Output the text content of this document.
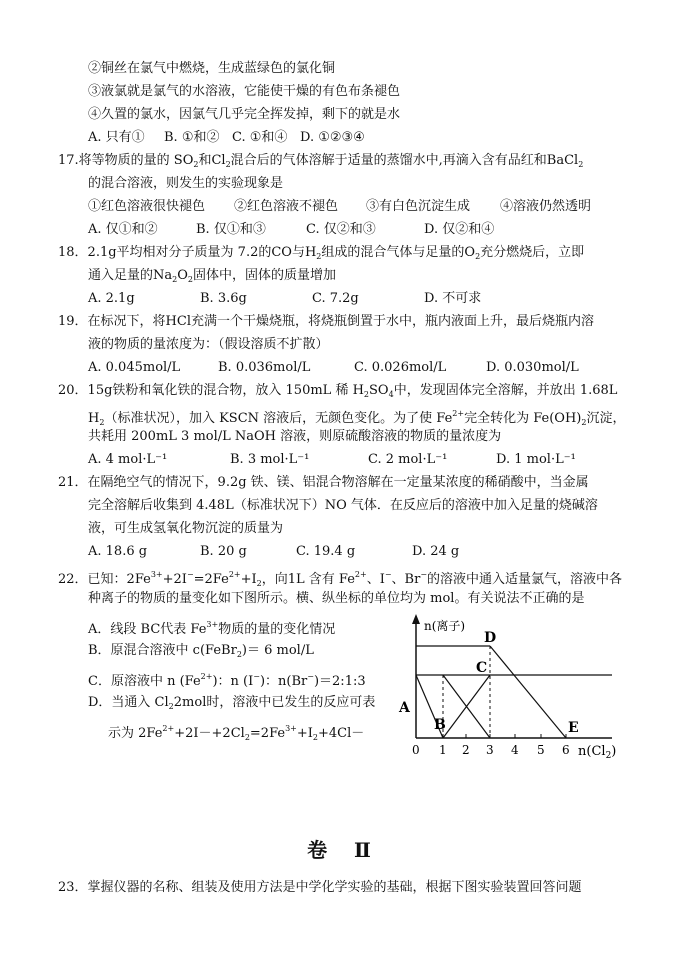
②铜丝在氯气中燃烧，生成蓝绿色的氯化铜
③液氯就是氯气的水溶液，它能使干燥的有色布条褪色
④久置的氯水，因氯气几乎完全挥发掉，剩下的就是水
A. 只有① B. ①和② C. ①和④ D. ①②③④
17.将等物质的量的 $SO_2$和$Cl_2$混合后的气体溶解于适量的蒸馏水中,再滴入含有品红和BaCl$_2$
的混合溶液，则发生的实验现象是
①红色溶液很快褪色 ②红色溶液不褪色 ③有白色沉淀生成 ④溶液仍然透明
A. 仅①和②	B. 仅①和③	C. 仅②和③	D. 仅②和④
18．2.1g平均相对分子质量为 7.2的CO与$H_2$组成的混合气体与足量的$O_2$充分燃烧后，立即
通入足量的$Na_2O_2$固体中，固体的质量增加
A. 2.1g	B. 3.6g	C. 7.2g	D. 不可求
19．在标况下，将HCl充满一个干燥烧瓶，将烧瓶倒置于水中，瓶内液面上升，最后烧瓶内溶
液的物质的量浓度为：（假设溶质不扩散）
A. 0.045mol/L	B. 0.036mol/L	C. 0.026mol/L	D. 0.030mol/L
20．15g铁粉和氧化铁的混合物，放入 150mL 稀 $H_2SO_4$中，发现固体完全溶解，并放出 1.68L
$H_2$（标准状况），加入 KSCN 溶液后，无颜色变化。为了使 $Fe^{2+}$完全转化为 $Fe(OH)_2$沉淀，
共耗用 200mL 3 mol/L NaOH 溶液，则原硫酸溶液的物质的量浓度为
A. 4 mol·L⁻¹	B. 3 mol·L⁻¹	C. 2 mol·L⁻¹	D. 1 mol·L⁻¹
21．在隔绝空气的情况下，9.2g 铁、镁、铝混合物溶解在一定量某浓度的稀硝酸中，当金属
完全溶解后收集到 4.48L（标准状况下）NO 气体．在反应后的溶液中加入足量的烧碱溶
液，可生成氢氧化物沉淀的质量为
A. 18.6 g	B. 20 g	C. 19.4 g	D. 24 g
22．已知：$2Fe^{3+}+2I^-=2Fe^{2+}+I_2$，向1L 含有 $Fe^{2+}$、I−、Br−的溶液中通入适量氯气，溶液中各
种离子的物质的量变化如下图所示。横、纵坐标的单位均为 mol。有关说法不正确的是
A．线段 BC代表 $Fe^{3+}$物质的量的变化情况
B．原混合溶液中 c(FeBr$_2$)＝ 6 mol/L
C．原溶液中 n $(Fe^{2+})$：n (I−)：n(Br−)＝2:1:3
D．当通入 $Cl_22mol$时，溶液中已发生的反应可表
示为 $2Fe^{2+}+2I-+2Cl_2=2Fe^{3+}+I_2+4Cl-$
n(离子)
A
B
C
D
E
0 1 2 3 4 5 6 $n(Cl_2)$
卷 Ⅱ
23．掌握仪器的名称、组装及使用方法是中学化学实验的基础，根据下图实验装置回答问题
